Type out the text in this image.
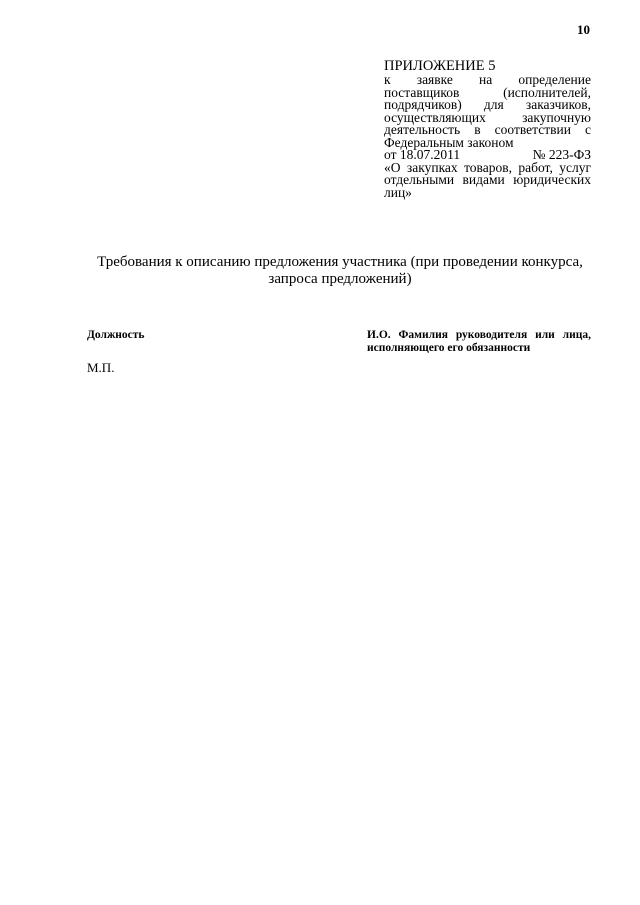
10
ПРИЛОЖЕНИЕ 5
к заявке на определение поставщиков (исполнителей, подрядчиков) для заказчиков, осуществляющих закупочную деятельность в соответствии с Федеральным законом
от 18.07.2011	№ 223-ФЗ
«О закупках товаров, работ, услуг отдельными видами юридических лиц»
Требования к описанию предложения участника (при проведении конкурса, запроса предложений)
Должность	И.О. Фамилия руководителя или лица, исполняющего его обязанности
М.П.
